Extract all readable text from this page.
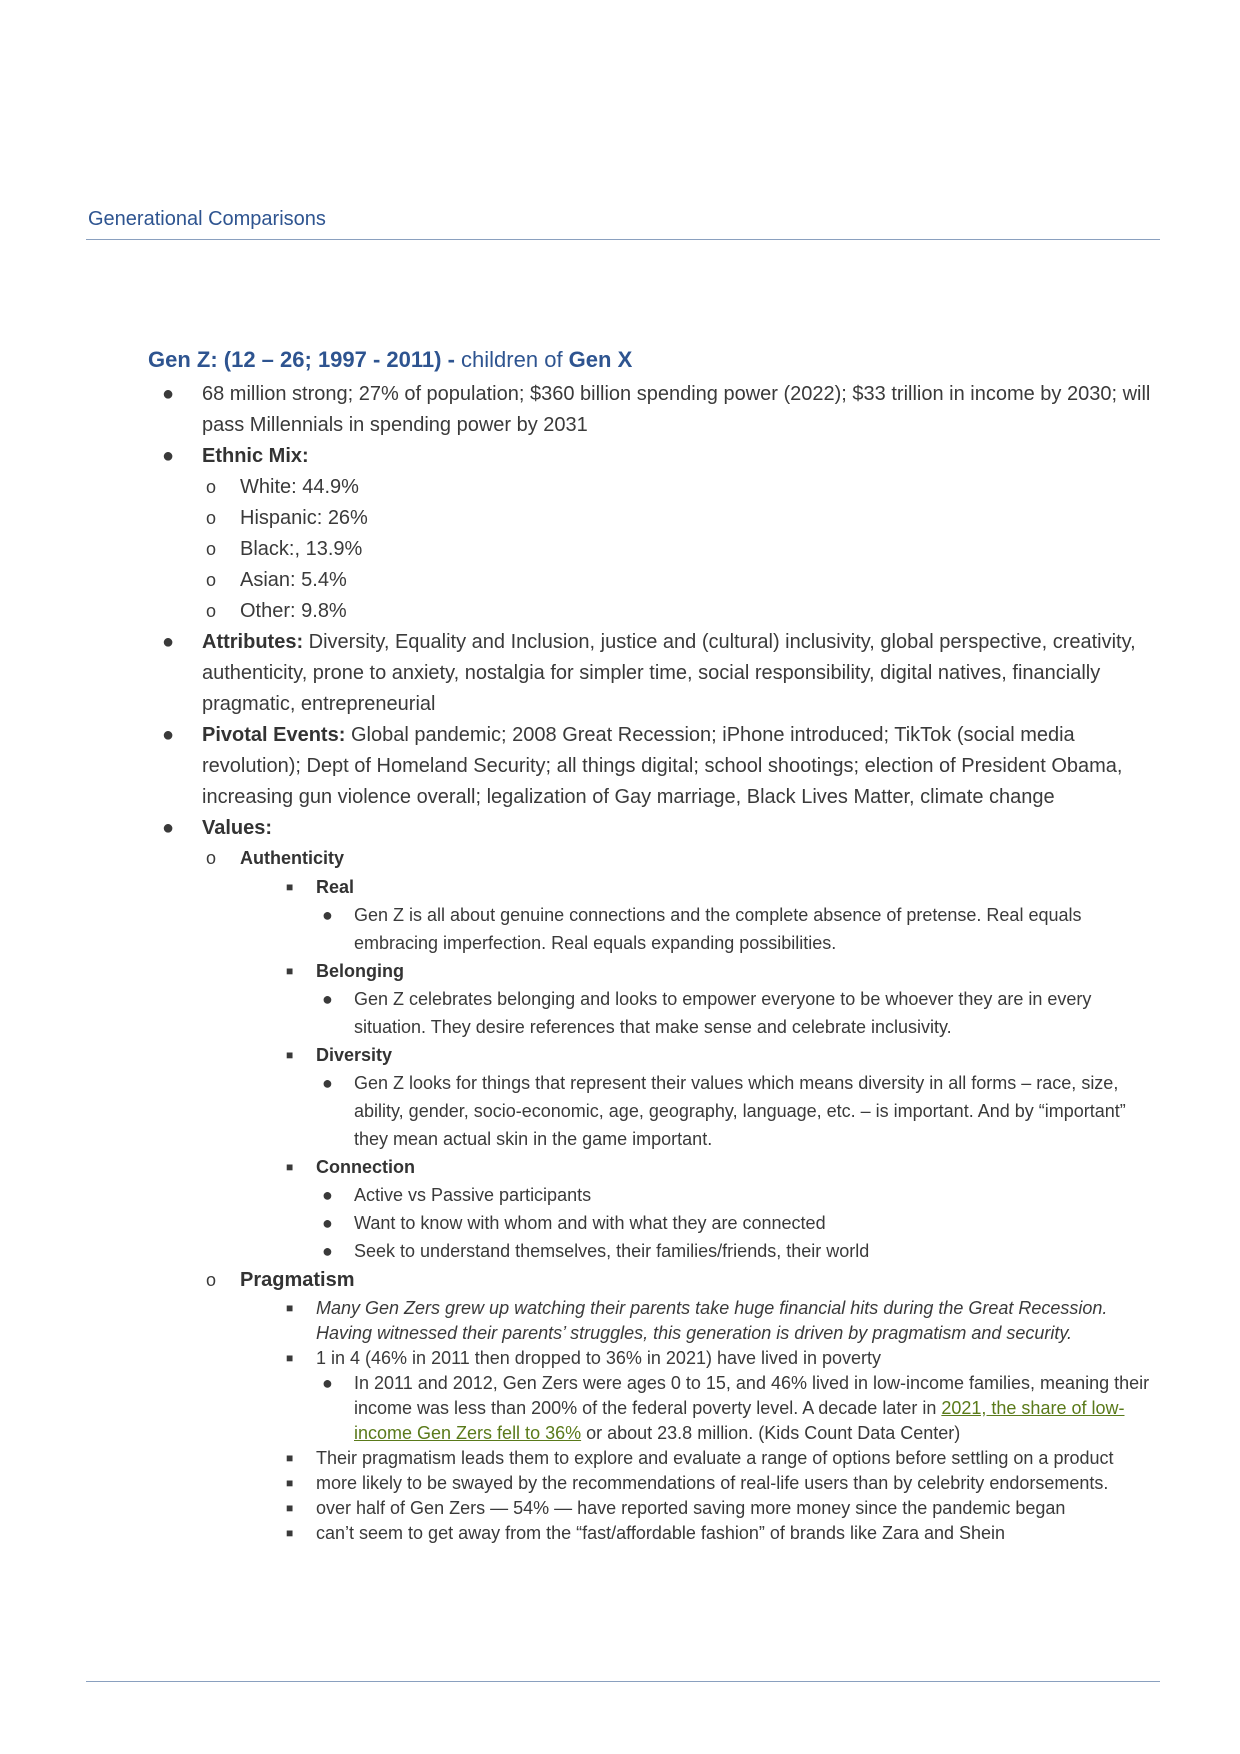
Generational Comparisons
Gen Z: (12 – 26; 1997 - 2011) - children of Gen X
● 68 million strong; 27% of population; $360 billion spending power (2022); $33 trillion in income by 2030; will pass Millennials in spending power by 2031
● Ethnic Mix:
o White: 44.9%
o Hispanic: 26%
o Black:, 13.9%
o Asian: 5.4%
o Other: 9.8%
● Attributes: Diversity, Equality and Inclusion, justice and (cultural) inclusivity, global perspective, creativity, authenticity, prone to anxiety, nostalgia for simpler time, social responsibility, digital natives, financially pragmatic, entrepreneurial
● Pivotal Events: Global pandemic; 2008 Great Recession; iPhone introduced; TikTok (social media revolution); Dept of Homeland Security; all things digital; school shootings; election of President Obama, increasing gun violence overall; legalization of Gay marriage, Black Lives Matter, climate change
● Values:
o Authenticity
■ Real
● Gen Z is all about genuine connections and the complete absence of pretense. Real equals embracing imperfection. Real equals expanding possibilities.
■ Belonging
● Gen Z celebrates belonging and looks to empower everyone to be whoever they are in every situation. They desire references that make sense and celebrate inclusivity.
■ Diversity
● Gen Z looks for things that represent their values which means diversity in all forms – race, size, ability, gender, socio-economic, age, geography, language, etc. – is important. And by “important” they mean actual skin in the game important.
■ Connection
● Active vs Passive participants
● Want to know with whom and with what they are connected
● Seek to understand themselves, their families/friends, their world
o Pragmatism
■ Many Gen Zers grew up watching their parents take huge financial hits during the Great Recession. Having witnessed their parents’ struggles, this generation is driven by pragmatism and security.
■ 1 in 4 (46% in 2011 then dropped to 36% in 2021) have lived in poverty
● In 2011 and 2012, Gen Zers were ages 0 to 15, and 46% lived in low-income families, meaning their income was less than 200% of the federal poverty level. A decade later in 2021, the share of low-income Gen Zers fell to 36% or about 23.8 million. (Kids Count Data Center)
■ Their pragmatism leads them to explore and evaluate a range of options before settling on a product
■ more likely to be swayed by the recommendations of real-life users than by celebrity endorsements.
■ over half of Gen Zers — 54% — have reported saving more money since the pandemic began
■ can’t seem to get away from the “fast/affordable fashion” of brands like Zara and Shein
